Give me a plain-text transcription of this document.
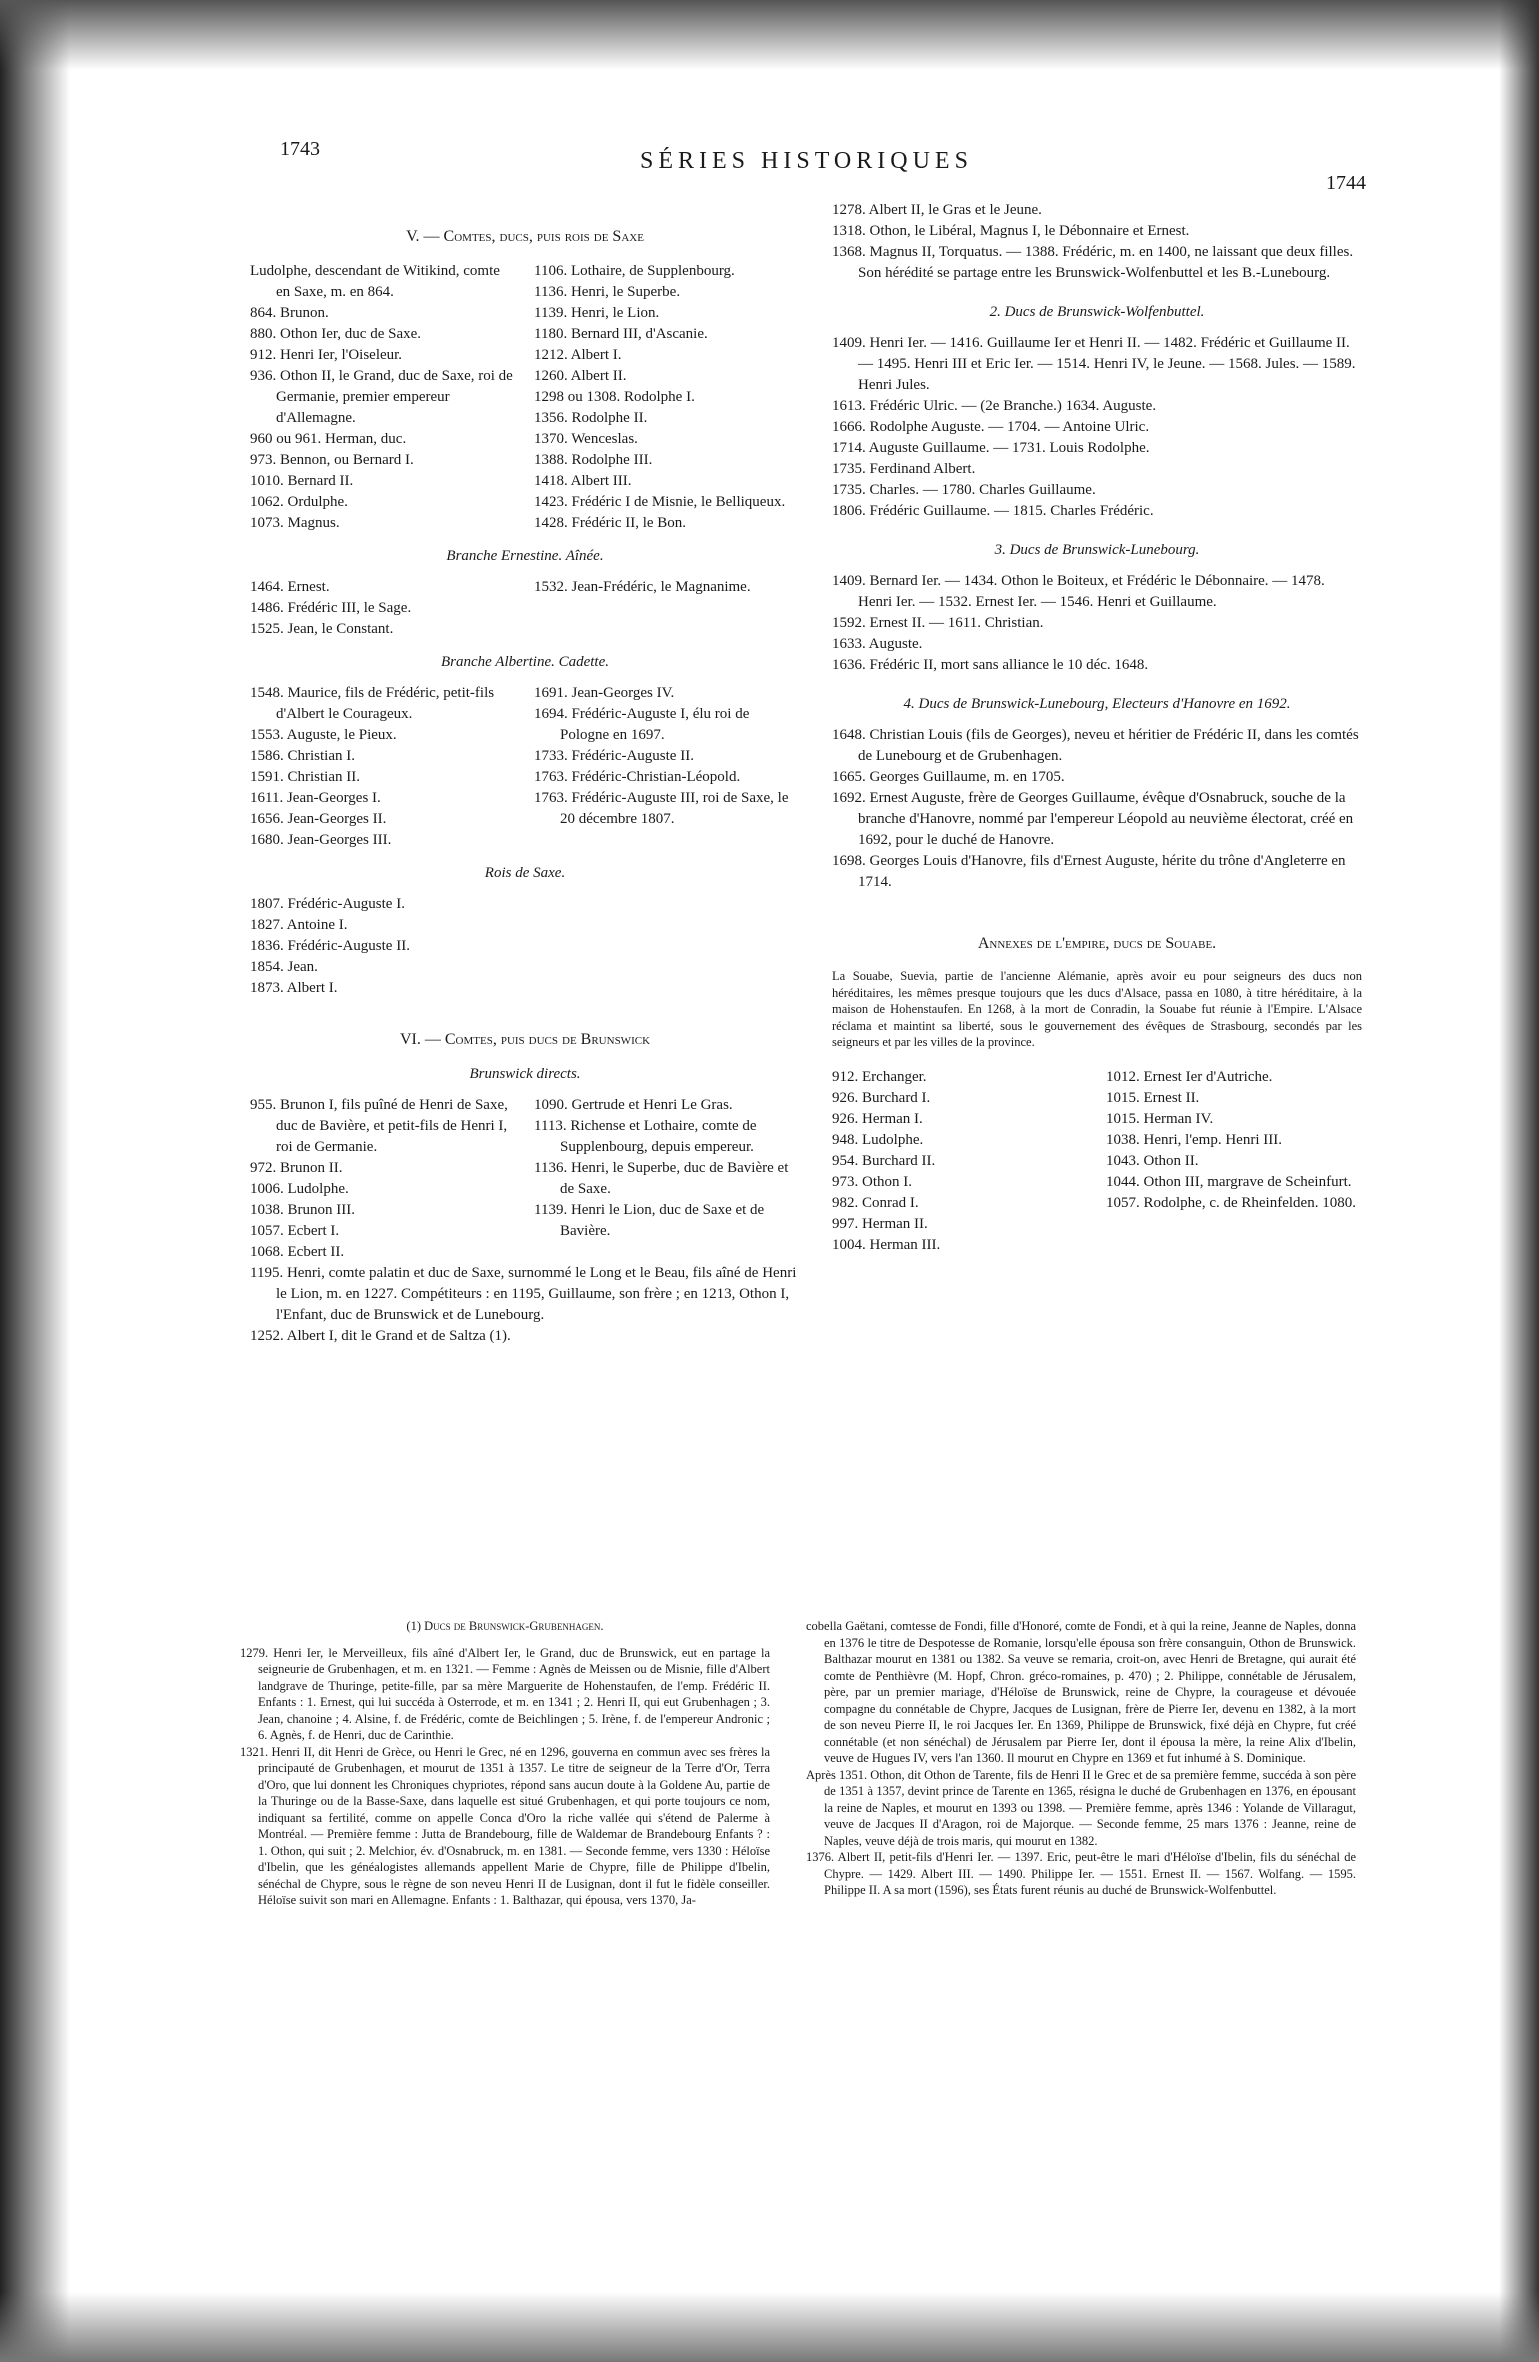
1743	SÉRIES HISTORIQUES
1744
V. — Comtes, ducs, puis rois de Saxe

Ludolphe, descendant de Witikind, comte en Saxe, m. en 864.

864. Brunon.

880. Othon Ier, duc de Saxe.

912. Henri Ier, l'Oiseleur.

936. Othon II, le Grand, duc de Saxe, roi de Germanie, premier empereur d'Allemagne.

960 ou 961. Herman, duc.

973. Bennon, ou Bernard I.

1010. Bernard II.

1062. Ordulphe.

1073. Magnus.

1106. Lothaire, de Supplenbourg.

1136. Henri, le Superbe.

1139. Henri, le Lion.

1180. Bernard III, d'Ascanie.

1212. Albert I.

1260. Albert II.

1298 ou 1308. Rodolphe I.

1356. Rodolphe II.

1370. Wenceslas.

1388. Rodolphe III.

1418. Albert III.

1423. Frédéric I de Misnie, le Belliqueux.

1428. Frédéric II, le Bon.

Branche Ernestine. Aînée.

1464. Ernest.

1486. Frédéric III, le Sage.

1525. Jean, le Constant.

1532. Jean-Frédéric, le Magnanime.

Branche Albertine. Cadette.

1548. Maurice, fils de Frédéric, petit-fils d'Albert le Courageux.

1553. Auguste, le Pieux.

1586. Christian I.

1591. Christian II.

1611. Jean-Georges I.

1656. Jean-Georges II.

1680. Jean-Georges III.

1691. Jean-Georges IV.

1694. Frédéric-Auguste I, élu roi de Pologne en 1697.

1733. Frédéric-Auguste II.

1763. Frédéric-Christian-Léopold.

1763. Frédéric-Auguste III, roi de Saxe, le 20 décembre 1807.

Rois de Saxe.

1807. Frédéric-Auguste I.

1827. Antoine I.

1836. Frédéric-Auguste II.

1854. Jean.

1873. Albert I.

VI. — Comtes, puis ducs de Brunswick
Brunswick directs.

955. Brunon I, fils puîné de Henri de Saxe, duc de Bavière, et petit-fils de Henri I, roi de Germanie.

972. Brunon II.

1006. Ludolphe.

1038. Brunon III.

1057. Ecbert I.

1068. Ecbert II.

1090. Gertrude et Henri Le Gras.

1113. Richense et Lothaire, comte de Supplenbourg, depuis empereur.

1136. Henri, le Superbe, duc de Bavière et de Saxe.

1139. Henri le Lion, duc de Saxe et de Bavière.

1195. Henri, comte palatin et duc de Saxe, surnommé le Long et le Beau, fils aîné de Henri le Lion, m. en 1227. Compétiteurs : en 1195, Guillaume, son frère ; en 1213, Othon I, l'Enfant, duc de Brunswick et de Lunebourg.

1252. Albert I, dit le Grand et de Saltza (1).

1278. Albert II, le Gras et le Jeune.

1318. Othon, le Libéral, Magnus I, le Débonnaire et Ernest.

1368. Magnus II, Torquatus. — 1388. Frédéric, m. en 1400, ne laissant que deux filles. Son hérédité se partage entre les Brunswick-Wolfenbuttel et les B.-Lunebourg.

2. Ducs de Brunswick-Wolfenbuttel.

1409. Henri Ier. — 1416. Guillaume Ier et Henri II. — 1482. Frédéric et Guillaume II. — 1495. Henri III et Eric Ier. — 1514. Henri IV, le Jeune. — 1568. Jules. — 1589. Henri Jules.

1613. Frédéric Ulric. — (2e Branche.) 1634. Auguste.

1666. Rodolphe Auguste. — 1704. — Antoine Ulric.

1714. Auguste Guillaume. — 1731. Louis Rodolphe.

1735. Ferdinand Albert.

1735. Charles. — 1780. Charles Guillaume.

1806. Frédéric Guillaume. — 1815. Charles Frédéric.

3. Ducs de Brunswick-Lunebourg.

1409. Bernard Ier. — 1434. Othon le Boiteux, et Frédéric le Débonnaire. — 1478. Henri Ier. — 1532. Ernest Ier. — 1546. Henri et Guillaume.

1592. Ernest II. — 1611. Christian.

1633. Auguste.

1636. Frédéric II, mort sans alliance le 10 déc. 1648.

4. Ducs de Brunswick-Lunebourg, Electeurs d'Hanovre en 1692.

1648. Christian Louis (fils de Georges), neveu et héritier de Frédéric II, dans les comtés de Lunebourg et de Grubenhagen.

1665. Georges Guillaume, m. en 1705.

1692. Ernest Auguste, frère de Georges Guillaume, évêque d'Osnabruck, souche de la branche d'Hanovre, nommé par l'empereur Léopold au neuvième électorat, créé en 1692, pour le duché de Hanovre.

1698. Georges Louis d'Hanovre, fils d'Ernest Auguste, hérite du trône d'Angleterre en 1714.

Annexes de l'empire, ducs de Souabe.

La Souabe, Suevia, partie de l'ancienne Alémanie, après avoir eu pour seigneurs des ducs non héréditaires, les mêmes presque toujours que les ducs d'Alsace, passa en 1080, à titre héréditaire, à la maison de Hohenstaufen. En 1268, à la mort de Conradin, la Souabe fut réunie à l'Empire. L'Alsace réclama et maintint sa liberté, sous le gouvernement des évêques de Strasbourg, secondés par les seigneurs et par les villes de la province.

912. Erchanger.

926. Burchard I.

926. Herman I.

948. Ludolphe.

954. Burchard II.

973. Othon I.

982. Conrad I.

997. Herman II.

1004. Herman III.

1012. Ernest Ier d'Autriche.

1015. Ernest II.

1015. Herman IV.

1038. Henri, l'emp. Henri III.

1043. Othon II.

1044. Othon III, margrave de Scheinfurt.

1057. Rodolphe, c. de Rheinfelden. 1080.

(1) Ducs de Brunswick-Grubenhagen.

1279. Henri Ier, le Merveilleux, fils aîné d'Albert Ier, le Grand, duc de Brunswick, eut en partage la seigneurie de Grubenhagen, et m. en 1321. — Femme : Agnès de Meissen ou de Misnie, fille d'Albert landgrave de Thuringe, petite-fille, par sa mère Marguerite de Hohenstaufen, de l'emp. Frédéric II. Enfants : 1. Ernest, qui lui succéda à Osterrode, et m. en 1341 ; 2. Henri II, qui eut Grubenhagen ; 3. Jean, chanoine ; 4. Alsine, f. de Frédéric, comte de Beichlingen ; 5. Irène, f. de l'empereur Andronic ; 6. Agnès, f. de Henri, duc de Carinthie.

1321. Henri II, dit Henri de Grèce, ou Henri le Grec, né en 1296, gouverna en commun avec ses frères la principauté de Grubenhagen, et mourut de 1351 à 1357. Le titre de seigneur de la Terre d'Or, Terra d'Oro, que lui donnent les Chroniques chypriotes, répond sans aucun doute à la Goldene Au, partie de la Thuringe ou de la Basse-Saxe, dans laquelle est situé Grubenhagen, et qui porte toujours ce nom, indiquant sa fertilité, comme on appelle Conca d'Oro la riche vallée qui s'étend de Palerme à Montréal. — Première femme : Jutta de Brandebourg, fille de Waldemar de Brandebourg Enfants ? : 1. Othon, qui suit ; 2. Melchior, év. d'Osnabruck, m. en 1381. — Seconde femme, vers 1330 : Héloïse d'Ibelin, que les généalogistes allemands appellent Marie de Chypre, fille de Philippe d'Ibelin, sénéchal de Chypre, sous le règne de son neveu Henri II de Lusignan, dont il fut le fidèle conseiller. Héloïse suivit son mari en Allemagne. Enfants : 1. Balthazar, qui épousa, vers 1370, Ja-

cobella Gaëtani, comtesse de Fondi, fille d'Honoré, comte de Fondi, et à qui la reine, Jeanne de Naples, donna en 1376 le titre de Despotesse de Romanie, lorsqu'elle épousa son frère consanguin, Othon de Brunswick. Balthazar mourut en 1381 ou 1382. Sa veuve se remaria, croit-on, avec Henri de Bretagne, qui aurait été comte de Penthièvre (M. Hopf, Chron. gréco-romaines, p. 470) ; 2. Philippe, connétable de Jérusalem, père, par un premier mariage, d'Héloïse de Brunswick, reine de Chypre, la courageuse et dévouée compagne du connétable de Chypre, Jacques de Lusignan, frère de Pierre Ier, devenu en 1382, à la mort de son neveu Pierre II, le roi Jacques Ier. En 1369, Philippe de Brunswick, fixé déjà en Chypre, fut créé connétable (et non sénéchal) de Jérusalem par Pierre Ier, dont il épousa la mère, la reine Alix d'Ibelin, veuve de Hugues IV, vers l'an 1360. Il mourut en Chypre en 1369 et fut inhumé à S. Dominique.

Après 1351. Othon, dit Othon de Tarente, fils de Henri II le Grec et de sa première femme, succéda à son père de 1351 à 1357, devint prince de Tarente en 1365, résigna le duché de Grubenhagen en 1376, en épousant la reine de Naples, et mourut en 1393 ou 1398. — Première femme, après 1346 : Yolande de Villaragut, veuve de Jacques II d'Aragon, roi de Majorque. — Seconde femme, 25 mars 1376 : Jeanne, reine de Naples, veuve déjà de trois maris, qui mourut en 1382.

1376. Albert II, petit-fils d'Henri Ier. — 1397. Eric, peut-être le mari d'Héloïse d'Ibelin, fils du sénéchal de Chypre. — 1429. Albert III. — 1490. Philippe Ier. — 1551. Ernest II. — 1567. Wolfang. — 1595. Philippe II. A sa mort (1596), ses États furent réunis au duché de Brunswick-Wolfenbuttel.
